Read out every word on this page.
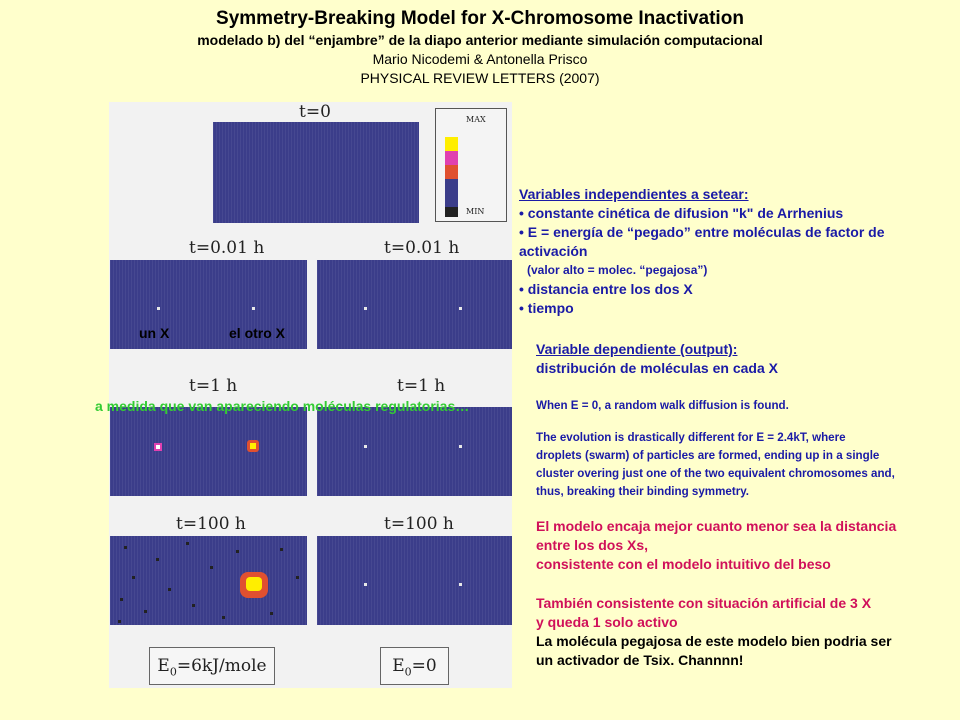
Symmetry-Breaking Model for X-Chromosome Inactivation
modelado b) del “enjambre” de la diapo anterior mediante simulación computacional
Mario Nicodemi & Antonella Prisco
PHYSICAL REVIEW LETTERS (2007)
t=0	MAX
MIN
t=0.01 h	t=0.01 h
t=1 h	t=1 h
t=100 h	t=100 h
$E_0=6kJ$/mole	$E_0=0$
un X	el otro X
a medida que van apareciendo moléculas regulatorias…
Variables independientes a setear:
• constante cinética de difusion "k" de Arrhenius
• E = energía de “pegado” entre moléculas de factor de
activación
(valor alto = molec. “pegajosa”)
• distancia entre los dos X
• tiempo
Variable dependiente (output):
distribución de moléculas en cada X
When E = 0, a random walk diffusion is found.
The evolution is drastically different for E = 2.4kT, where
droplets (swarm) of particles are formed, ending up in a single
cluster overing just one of the two equivalent chromosomes and,
thus, breaking their binding symmetry.
El modelo encaja mejor cuanto menor sea la distancia
entre los dos Xs,
consistente con el modelo intuitivo del beso
También consistente con situación artificial de 3 X
y queda 1 solo activo
La molécula pegajosa de este modelo bien podria ser
un activador de Tsix. Channnn!
